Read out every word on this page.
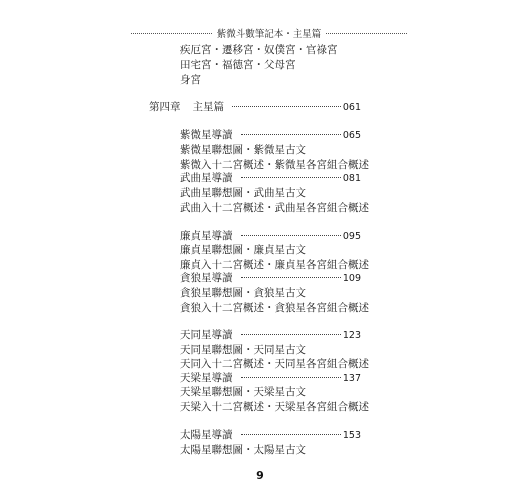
紫微斗數筆記本・主星篇
疾厄宮・遷移宮・奴僕宮・官祿宮
田宅宮・福德宮・父母宮
身宮
第四章 主星篇	061
紫微星導讀	065
紫微星聯想圖・紫微星古文
紫微入十二宮概述・紫微星各宮組合概述
武曲星導讀	081
武曲星聯想圖・武曲星古文
武曲入十二宮概述・武曲星各宮組合概述
廉貞星導讀	095
廉貞星聯想圖・廉貞星古文
廉貞入十二宮概述・廉貞星各宮組合概述
貪狼星導讀	109
貪狼星聯想圖・貪狼星古文
貪狼入十二宮概述・貪狼星各宮組合概述
天同星導讀	123
天同星聯想圖・天同星古文
天同入十二宮概述・天同星各宮組合概述
天梁星導讀	137
天梁星聯想圖・天梁星古文
天梁入十二宮概述・天梁星各宮組合概述
太陽星導讀	153
太陽星聯想圖・太陽星古文
9
